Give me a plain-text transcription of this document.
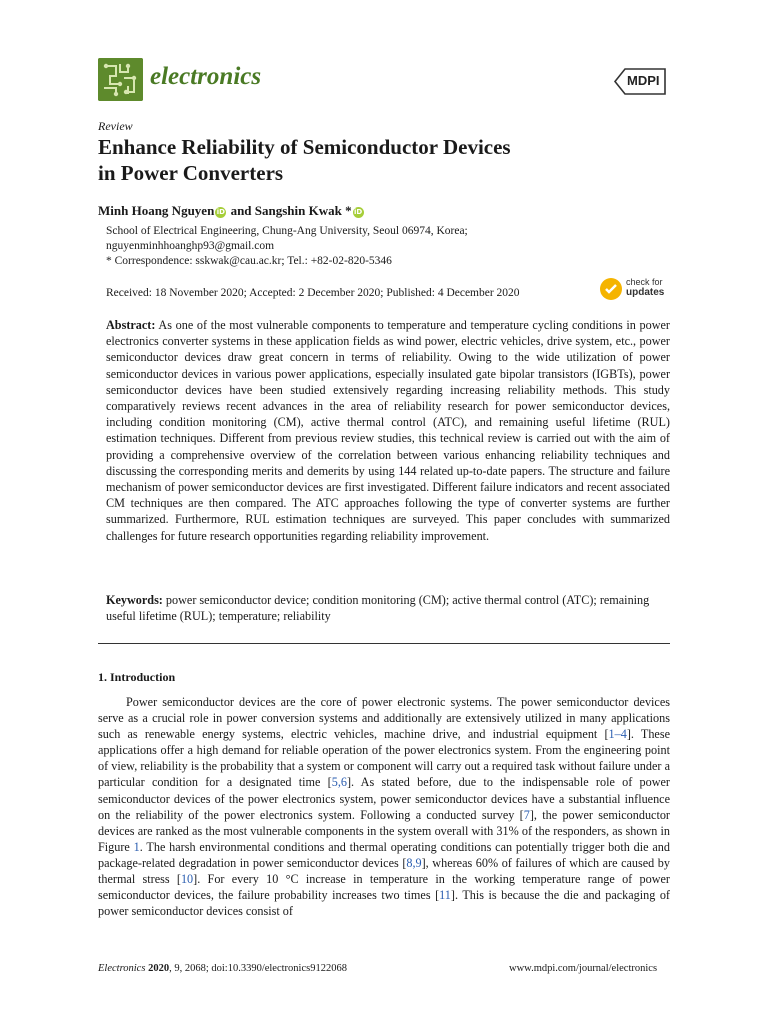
electronics	MDPI
Review
Enhance Reliability of Semiconductor Devices
in Power Converters
Minh Hoang Nguyen iD and Sangshin Kwak * iD
School of Electrical Engineering, Chung-Ang University, Seoul 06974, Korea;
nguyenminhhoanghp93@gmail.com
* Correspondence: sskwak@cau.ac.kr; Tel.: +82-02-820-5346
Received: 18 November 2020; Accepted: 2 December 2020; Published: 4 December 2020
check for
updates
Abstract: As one of the most vulnerable components to temperature and temperature cycling conditions in power electronics converter systems in these application fields as wind power, electric vehicles, drive system, etc., power semiconductor devices draw great concern in terms of reliability. Owing to the wide utilization of power semiconductor devices in various power applications, especially insulated gate bipolar transistors (IGBTs), power semiconductor devices have been studied extensively regarding increasing reliability methods. This study comparatively reviews recent advances in the area of reliability research for power semiconductor devices, including condition monitoring (CM), active thermal control (ATC), and remaining useful lifetime (RUL) estimation techniques. Different from previous review studies, this technical review is carried out with the aim of providing a comprehensive overview of the correlation between various enhancing reliability techniques and discussing the corresponding merits and demerits by using 144 related up-to-date papers. The structure and failure mechanism of power semiconductor devices are first investigated. Different failure indicators and recent associated CM techniques are then compared. The ATC approaches following the type of converter systems are further summarized. Furthermore, RUL estimation techniques are surveyed. This paper concludes with summarized challenges for future research opportunities regarding reliability improvement.
Keywords: power semiconductor device; condition monitoring (CM); active thermal control (ATC); remaining useful lifetime (RUL); temperature; reliability
1. Introduction
Power semiconductor devices are the core of power electronic systems. The power semiconductor devices serve as a crucial role in power conversion systems and additionally are extensively utilized in many applications such as renewable energy systems, electric vehicles, machine drive, and industrial equipment [1–4]. These applications offer a high demand for reliable operation of the power electronics system. From the engineering point of view, reliability is the probability that a system or component will carry out a required task without failure under a particular condition for a designated time [5,6]. As stated before, due to the indispensable role of power semiconductor devices of the power electronics system, power semiconductor devices have a substantial influence on the reliability of the power electronics system. Following a conducted survey [7], the power semiconductor devices are ranked as the most vulnerable components in the system overall with 31% of the responders, as shown in Figure 1. The harsh environmental conditions and thermal operating conditions can potentially trigger both die and package-related degradation in power semiconductor devices [8,9], whereas 60% of failures of which are caused by thermal stress [10]. For every 10 °C increase in temperature in the working temperature range of power semiconductor devices, the failure probability increases two times [11]. This is because the die and packaging of power semiconductor devices consist of
Electronics 2020, 9, 2068; doi:10.3390/electronics9122068	www.mdpi.com/journal/electronics
